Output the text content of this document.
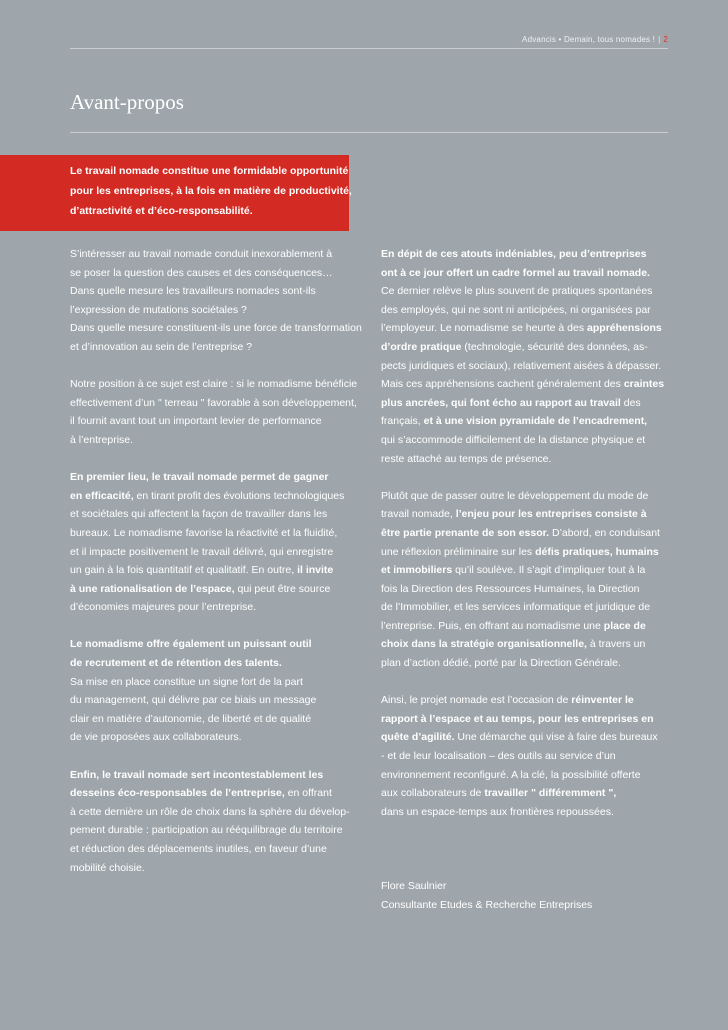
Advancis • Demain, tous nomades ! | 2
Avant-propos
Le travail nomade constitue une formidable opportunité
pour les entreprises, à la fois en matière de productivité,
d’attractivité et d’éco-responsabilité.
S’intéresser au travail nomade conduit inexorablement à
se poser la question des causes et des conséquences…
Dans quelle mesure les travailleurs nomades sont-ils
l’expression de mutations sociétales ?
Dans quelle mesure constituent-ils une force de transformation
et d’innovation au sein de l’entreprise ?
Notre position à ce sujet est claire : si le nomadisme bénéficie
effectivement d’un " terreau " favorable à son développement,
il fournit avant tout un important levier de performance
à l’entreprise.
En premier lieu, le travail nomade permet de gagner
en efficacité, en tirant profit des évolutions technologiques
et sociétales qui affectent la façon de travailler dans les
bureaux. Le nomadisme favorise la réactivité et la fluidité,
et il impacte positivement le travail délivré, qui enregistre
un gain à la fois quantitatif et qualitatif. En outre, il invite
à une rationalisation de l’espace, qui peut être source
d’économies majeures pour l’entreprise.
Le nomadisme offre également un puissant outil
de recrutement et de rétention des talents.
Sa mise en place constitue un signe fort de la part
du management, qui délivre par ce biais un message
clair en matière d’autonomie, de liberté et de qualité
de vie proposées aux collaborateurs.
Enfin, le travail nomade sert incontestablement les
desseins éco-responsables de l’entreprise, en offrant
à cette dernière un rôle de choix dans la sphère du dévelop-
pement durable : participation au rééquilibrage du territoire
et réduction des déplacements inutiles, en faveur d’une
mobilité choisie.
En dépit de ces atouts indéniables, peu d’entreprises
ont à ce jour offert un cadre formel au travail nomade.
Ce dernier relève le plus souvent de pratiques spontanées
des employés, qui ne sont ni anticipées, ni organisées par
l’employeur. Le nomadisme se heurte à des appréhensions
d’ordre pratique (technologie, sécurité des données, as-
pects juridiques et sociaux), relativement aisées à dépasser.
Mais ces appréhensions cachent généralement des craintes
plus ancrées, qui font écho au rapport au travail des
français, et à une vision pyramidale de l’encadrement,
qui s’accommode difficilement de la distance physique et
reste attaché au temps de présence.
Plutôt que de passer outre le développement du mode de
travail nomade, l’enjeu pour les entreprises consiste à
être partie prenante de son essor. D’abord, en conduisant
une réflexion préliminaire sur les défis pratiques, humains
et immobiliers qu’il soulève. Il s’agit d’impliquer tout à la
fois la Direction des Ressources Humaines, la Direction
de l’Immobilier, et les services informatique et juridique de
l’entreprise. Puis, en offrant au nomadisme une place de
choix dans la stratégie organisationnelle, à travers un
plan d’action dédié, porté par la Direction Générale.
Ainsi, le projet nomade est l’occasion de réinventer le
rapport à l’espace et au temps, pour les entreprises en
quête d’agilité. Une démarche qui vise à faire des bureaux
- et de leur localisation – des outils au service d’un
environnement reconfiguré. A la clé, la possibilité offerte
aux collaborateurs de travailler " différemment ",
dans un espace-temps aux frontières repoussées.
Flore Saulnier
Consultante Etudes & Recherche Entreprises
